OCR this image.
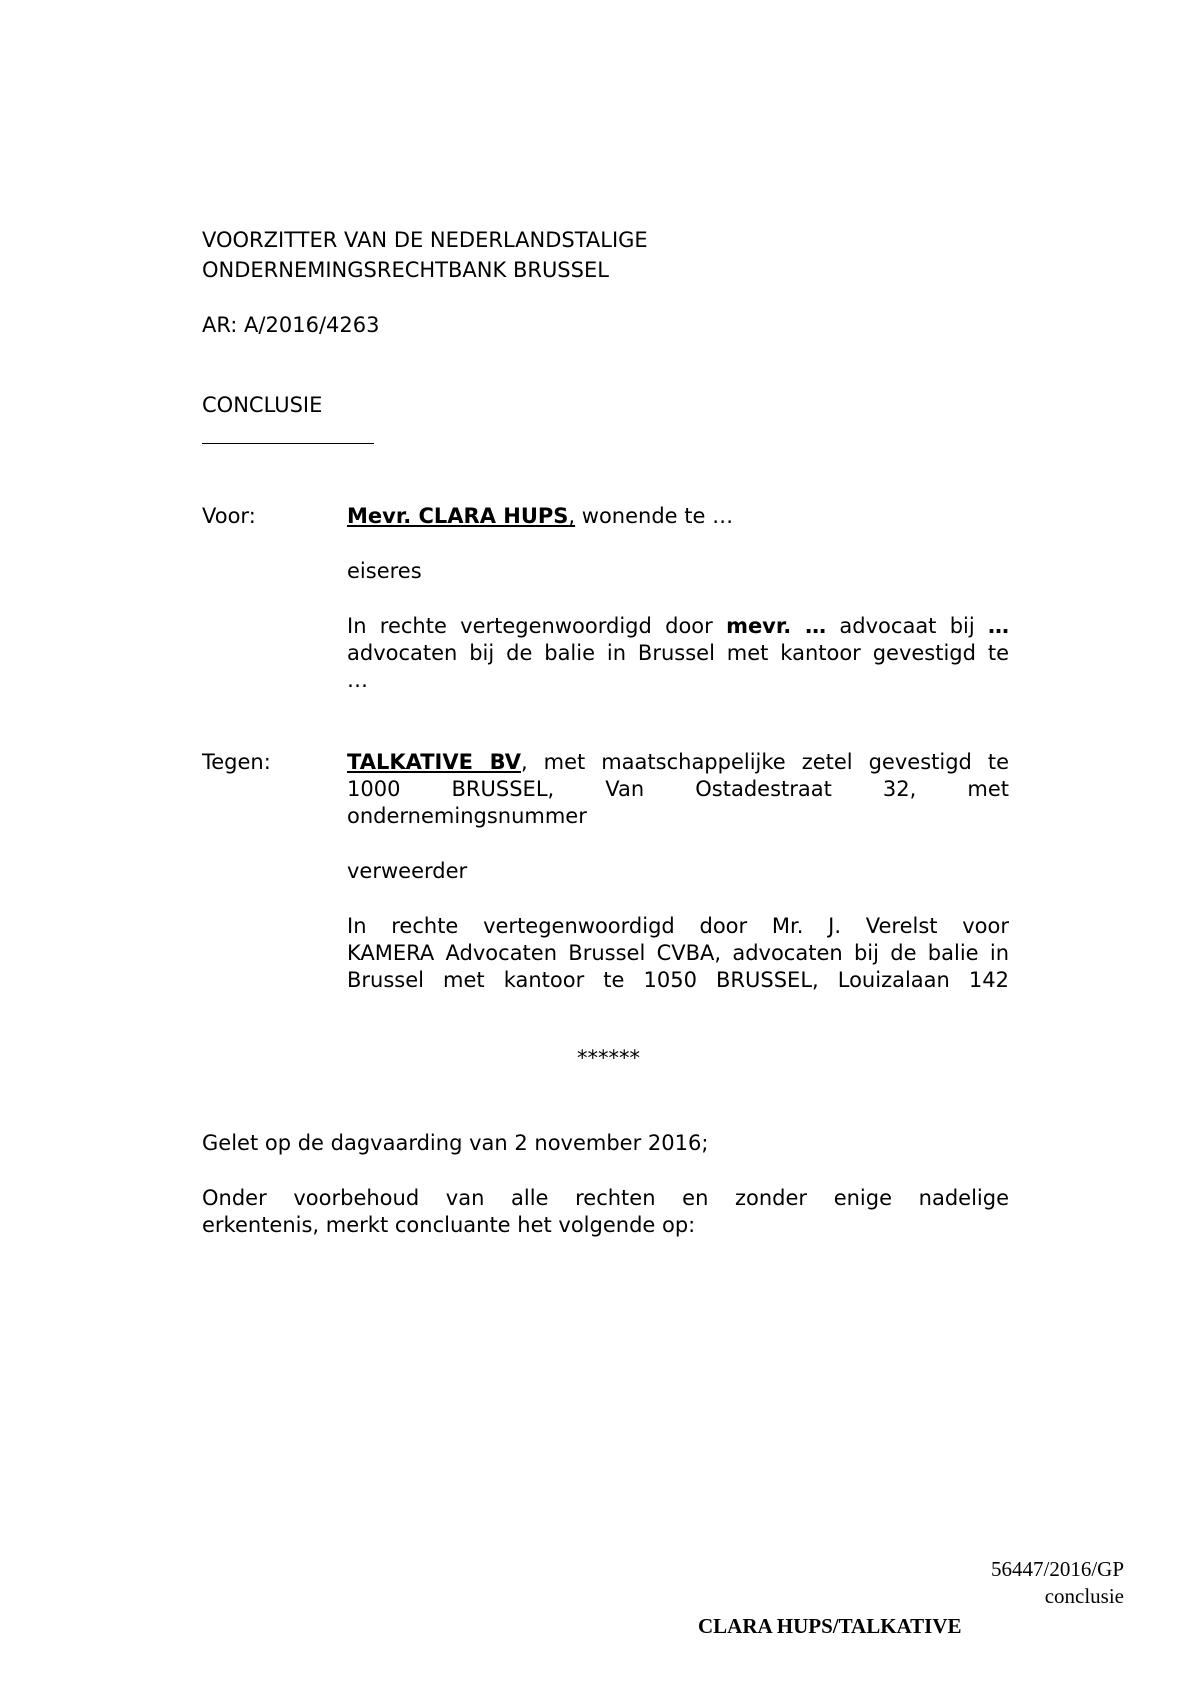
VOORZITTER VAN DE NEDERLANDSTALIGE
ONDERNEMINGSRECHTBANK BRUSSEL
AR: A/2016/4263
CONCLUSIE
Voor:	Mevr. CLARA HUPS, wonende te …
eiseres
In rechte vertegenwoordigd door mevr. … advocaat bij …
advocaten bij de balie in Brussel met kantoor gevestigd te
…
Tegen:	TALKATIVE BV, met maatschappelijke zetel gevestigd te
1000 BRUSSEL, Van Ostadestraat 32, met
ondernemingsnummer
verweerder
In rechte vertegenwoordigd door Mr. J. Verelst voor
KAMERA Advocaten Brussel CVBA, advocaten bij de balie in
Brussel met kantoor te 1050 BRUSSEL, Louizalaan 142
******
Gelet op de dagvaarding van 2 november 2016;
Onder voorbehoud van alle rechten en zonder enige nadelige
erkentenis, merkt concluante het volgende op:
56447/2016/GP
conclusie
CLARA HUPS/TALKATIVE
